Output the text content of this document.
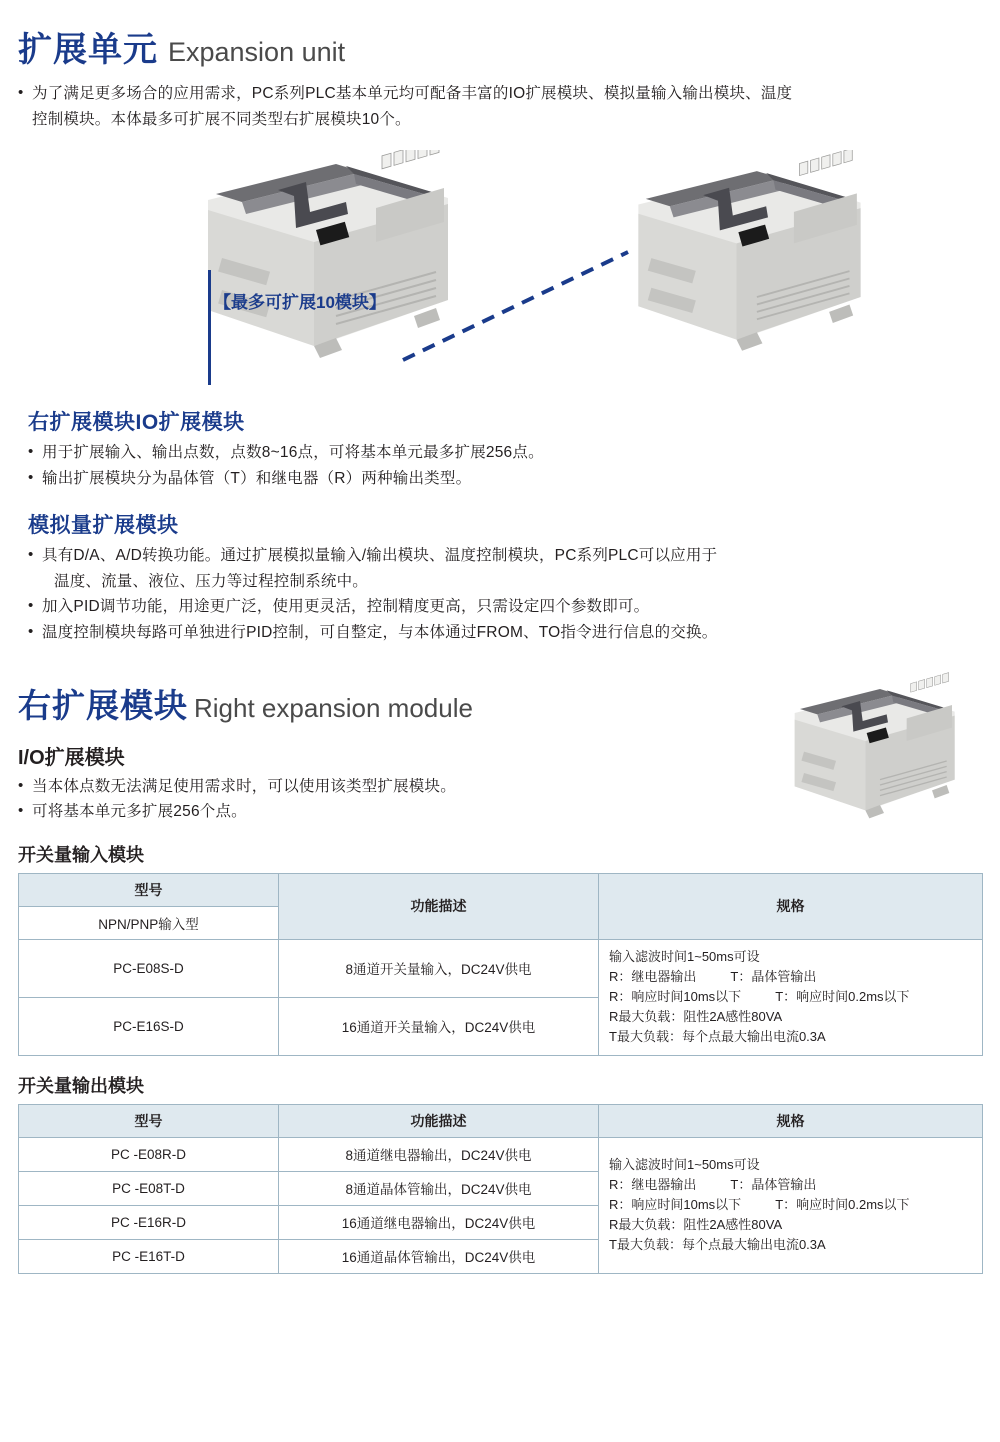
扩展单元 Expansion unit
• 为了满足更多场合的应用需求，PC系列PLC基本单元均可配备丰富的IO扩展模块、模拟量输入输出模块、温度
控制模块。本体最多可扩展不同类型右扩展模块10个。
【最多可扩展10模块】
右扩展模块IO扩展模块
• 用于扩展输入、输出点数，点数8~16点，可将基本单元最多扩展256点。
• 输出扩展模块分为晶体管（T）和继电器（R）两种输出类型。
模拟量扩展模块
• 具有D/A、A/D转换功能。通过扩展模拟量输入/输出模块、温度控制模块，PC系列PLC可以应用于
温度、流量、液位、压力等过程控制系统中。
• 加入PID调节功能，用途更广泛，使用更灵活，控制精度更高，只需设定四个参数即可。
• 温度控制模块每路可单独进行PID控制，可自整定，与本体通过FROM、TO指令进行信息的交换。
右扩展模块 Right expansion module
I/O扩展模块
• 当本体点数无法满足使用需求时，可以使用该类型扩展模块。
• 可将基本单元多扩展256个点。
开关量输入模块
型号	功能描述	规格
NPN/PNP输入型		
PC-E08S-D	8通道开关量输入，DC24V供电	输入滤波时间1~50ms可设
R：继电器输出 T：晶体管输出
R：响应时间10ms以下 T：响应时间0.2ms以下
R最大负载：阻性2A感性80VA
T最大负载：每个点最大输出电流0.3A

PC-E16S-D	16通道开关量输入，DC24V供电	
开关量输出模块
型号	功能描述	规格
PC -E08R-D	8通道继电器输出，DC24V供电	输入滤波时间1~50ms可设
R：继电器输出 T：晶体管输出
R：响应时间10ms以下 T：响应时间0.2ms以下
R最大负载：阻性2A感性80VA
T最大负载：每个点最大输出电流0.3A

PC -E08T-D	8通道晶体管输出，DC24V供电	
PC -E16R-D	16通道继电器输出，DC24V供电	
PC -E16T-D	16通道晶体管输出，DC24V供电	
